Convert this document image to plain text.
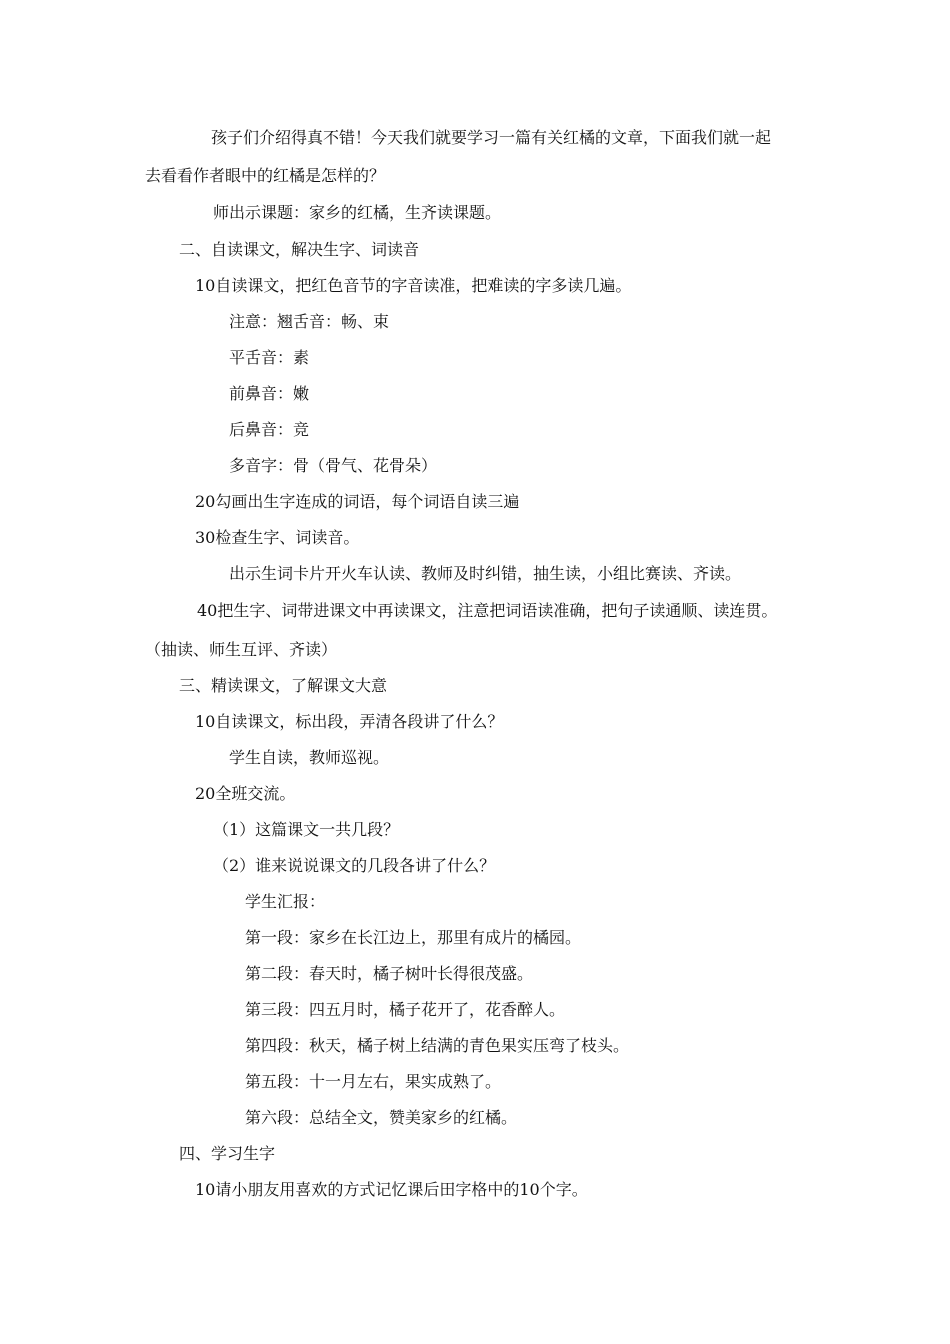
孩子们介绍得真不错！今天我们就要学习一篇有关红橘的文章，下面我们就一起
去看看作者眼中的红橘是怎样的？
师出示课题：家乡的红橘，生齐读课题。
二、自读课文，解决生字、词读音
10自读课文，把红色音节的字音读准，把难读的字多读几遍。
注意：翘舌音：畅、束
平舌音：素
前鼻音：嫩
后鼻音：竞
多音字：骨（骨气、花骨朵）
20勾画出生字连成的词语，每个词语自读三遍
30检查生字、词读音。
出示生词卡片开火车认读、教师及时纠错，抽生读，小组比赛读、齐读。
40把生字、词带进课文中再读课文，注意把词语读准确，把句子读通顺、读连贯。
（抽读、师生互评、齐读）
三、精读课文，了解课文大意
10自读课文，标出段，弄清各段讲了什么？
学生自读，教师巡视。
20全班交流。
（1）这篇课文一共几段？
（2）谁来说说课文的几段各讲了什么？
学生汇报：
第一段：家乡在长江边上，那里有成片的橘园。
第二段：春天时，橘子树叶长得很茂盛。
第三段：四五月时，橘子花开了，花香醉人。
第四段：秋天，橘子树上结满的青色果实压弯了枝头。
第五段：十一月左右，果实成熟了。
第六段：总结全文，赞美家乡的红橘。
四、学习生字
10请小朋友用喜欢的方式记忆课后田字格中的10个字。
